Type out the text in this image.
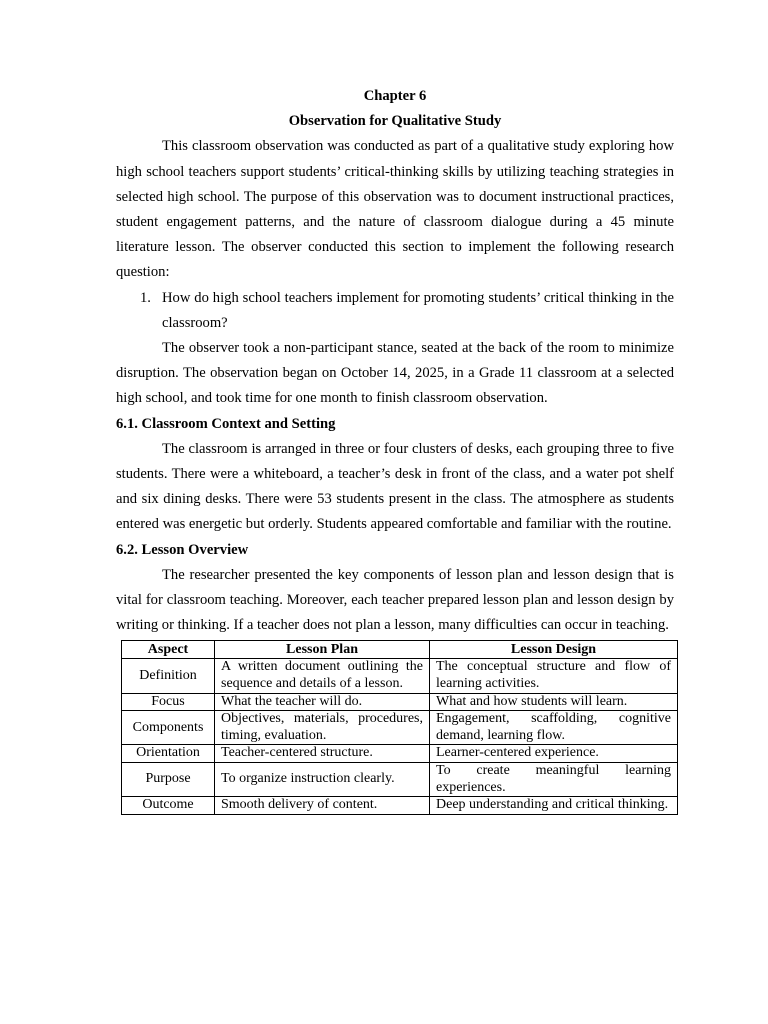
Chapter 6

Observation for Qualitative Study

This classroom observation was conducted as part of a qualitative study exploring how high school teachers support students’ critical-thinking skills by utilizing teaching strategies in selected high school. The purpose of this observation was to document instructional practices, student engagement patterns, and the nature of classroom dialogue during a 45 minute literature lesson. The observer conducted this section to implement the following research question:

1. How do high school teachers implement for promoting students’ critical thinking in the classroom?

The observer took a non-participant stance, seated at the back of the room to minimize disruption. The observation began on October 14, 2025, in a Grade 11 classroom at a selected high school, and took time for one month to finish classroom observation.

6.1. Classroom Context and Setting

The classroom is arranged in three or four clusters of desks, each grouping three to five students. There were a whiteboard, a teacher’s desk in front of the class, and a water pot shelf and six dining desks. There were 53 students present in the class. The atmosphere as students entered was energetic but orderly. Students appeared comfortable and familiar with the routine.

6.2. Lesson Overview

The researcher presented the key components of lesson plan and lesson design that is vital for classroom teaching. Moreover, each teacher prepared lesson plan and lesson design by writing or thinking. If a teacher does not plan a lesson, many difficulties can occur in teaching.

Aspect	Lesson Plan	Lesson Design
Definition	A written document outlining the sequence and details of a lesson.	The conceptual structure and flow of learning activities.
Focus	What the teacher will do.	What and how students will learn.
Components	Objectives, materials, procedures, timing, evaluation.	Engagement, scaffolding, cognitive demand, learning flow.
Orientation	Teacher-centered structure.	Learner-centered experience.
Purpose	To organize instruction clearly.	To create meaningful learning experiences.
Outcome	Smooth delivery of content.	Deep understanding and critical thinking.
